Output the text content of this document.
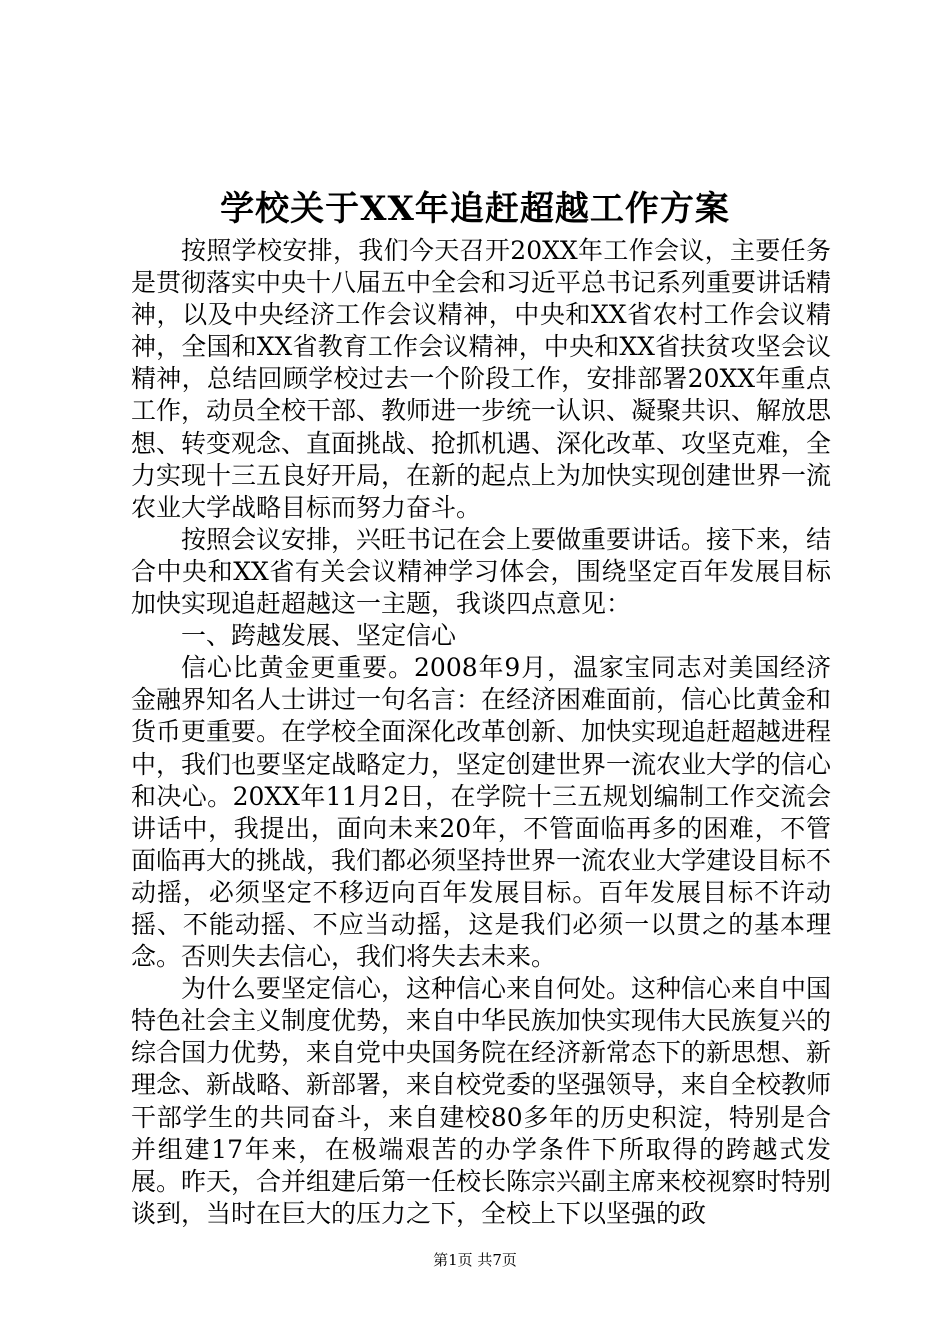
学校关于XX年追赶超越工作方案

按照学校安排，我们今天召开20XX年工作会议，主要任务是贯彻落实中央十八届五中全会和习近平总书记系列重要讲话精神，以及中央经济工作会议精神，中央和XX省农村工作会议精神，全国和XX省教育工作会议精神，中央和XX省扶贫攻坚会议精神，总结回顾学校过去一个阶段工作，安排部署20XX年重点工作，动员全校干部、教师进一步统一认识、凝聚共识、解放思想、转变观念、直面挑战、抢抓机遇、深化改革、攻坚克难，全力实现十三五良好开局，在新的起点上为加快实现创建世界一流农业大学战略目标而努力奋斗。

按照会议安排，兴旺书记在会上要做重要讲话。接下来，结合中央和XX省有关会议精神学习体会，围绕坚定百年发展目标加快实现追赶超越这一主题，我谈四点意见：

一、跨越发展、坚定信心

信心比黄金更重要。2008年9月，温家宝同志对美国经济金融界知名人士讲过一句名言：在经济困难面前，信心比黄金和货币更重要。在学校全面深化改革创新、加快实现追赶超越进程中，我们也要坚定战略定力，坚定创建世界一流农业大学的信心和决心。20XX年11月2日，在学院十三五规划编制工作交流会讲话中，我提出，面向未来20年，不管面临再多的困难，不管面临再大的挑战，我们都必须坚持世界一流农业大学建设目标不动摇，必须坚定不移迈向百年发展目标。百年发展目标不许动摇、不能动摇、不应当动摇，这是我们必须一以贯之的基本理念。否则失去信心，我们将失去未来。

为什么要坚定信心，这种信心来自何处。这种信心来自中国特色社会主义制度优势，来自中华民族加快实现伟大民族复兴的综合国力优势，来自党中央国务院在经济新常态下的新思想、新理念、新战略、新部署，来自校党委的坚强领导，来自全校教师干部学生的共同奋斗，来自建校80多年的历史积淀，特别是合并组建17年来，在极端艰苦的办学条件下所取得的跨越式发展。昨天，合并组建后第一任校长陈宗兴副主席来校视察时特别谈到，当时在巨大的压力之下，全校上下以坚强的政

第1页 共7页
